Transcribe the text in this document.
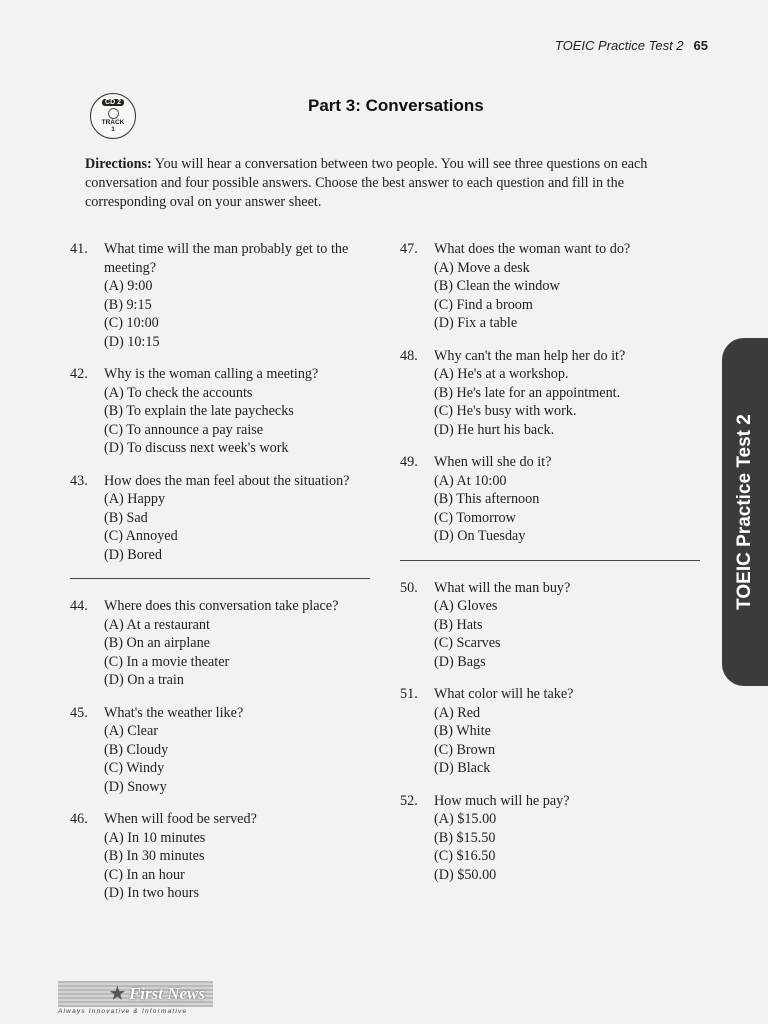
TOEIC Practice Test 2 65
CD 2
TRACK
1
Part 3: Conversations
Directions: You will hear a conversation between two people. You will see three questions on each conversation and four possible answers. Choose the best answer to each question and fill in the corresponding oval on your answer sheet.
41.	What time will the man probably get to the meeting?
(A) 9:00
(B) 9:15
(C) 10:00
(D) 10:15
42.	Why is the woman calling a meeting?
(A) To check the accounts
(B) To explain the late paychecks
(C) To announce a pay raise
(D) To discuss next week's work
43.	How does the man feel about the situation?
(A) Happy
(B) Sad
(C) Annoyed
(D) Bored
44.	Where does this conversation take place?
(A) At a restaurant
(B) On an airplane
(C) In a movie theater
(D) On a train
45.	What's the weather like?
(A) Clear
(B) Cloudy
(C) Windy
(D) Snowy
46.	When will food be served?
(A) In 10 minutes
(B) In 30 minutes
(C) In an hour
(D) In two hours
47.	What does the woman want to do?
(A) Move a desk
(B) Clean the window
(C) Find a broom
(D) Fix a table
48.	Why can't the man help her do it?
(A) He's at a workshop.
(B) He's late for an appointment.
(C) He's busy with work.
(D) He hurt his back.
49.	When will she do it?
(A) At 10:00
(B) This afternoon
(C) Tomorrow
(D) On Tuesday
50.	What will the man buy?
(A) Gloves
(B) Hats
(C) Scarves
(D) Bags
51.	What color will he take?
(A) Red
(B) White
(C) Brown
(D) Black
52.	How much will he pay?
(A) $15.00
(B) $15.50
(C) $16.50
(D) $50.00
TOEIC Practice Test 2
★ First News
Always Innovative & Informative
